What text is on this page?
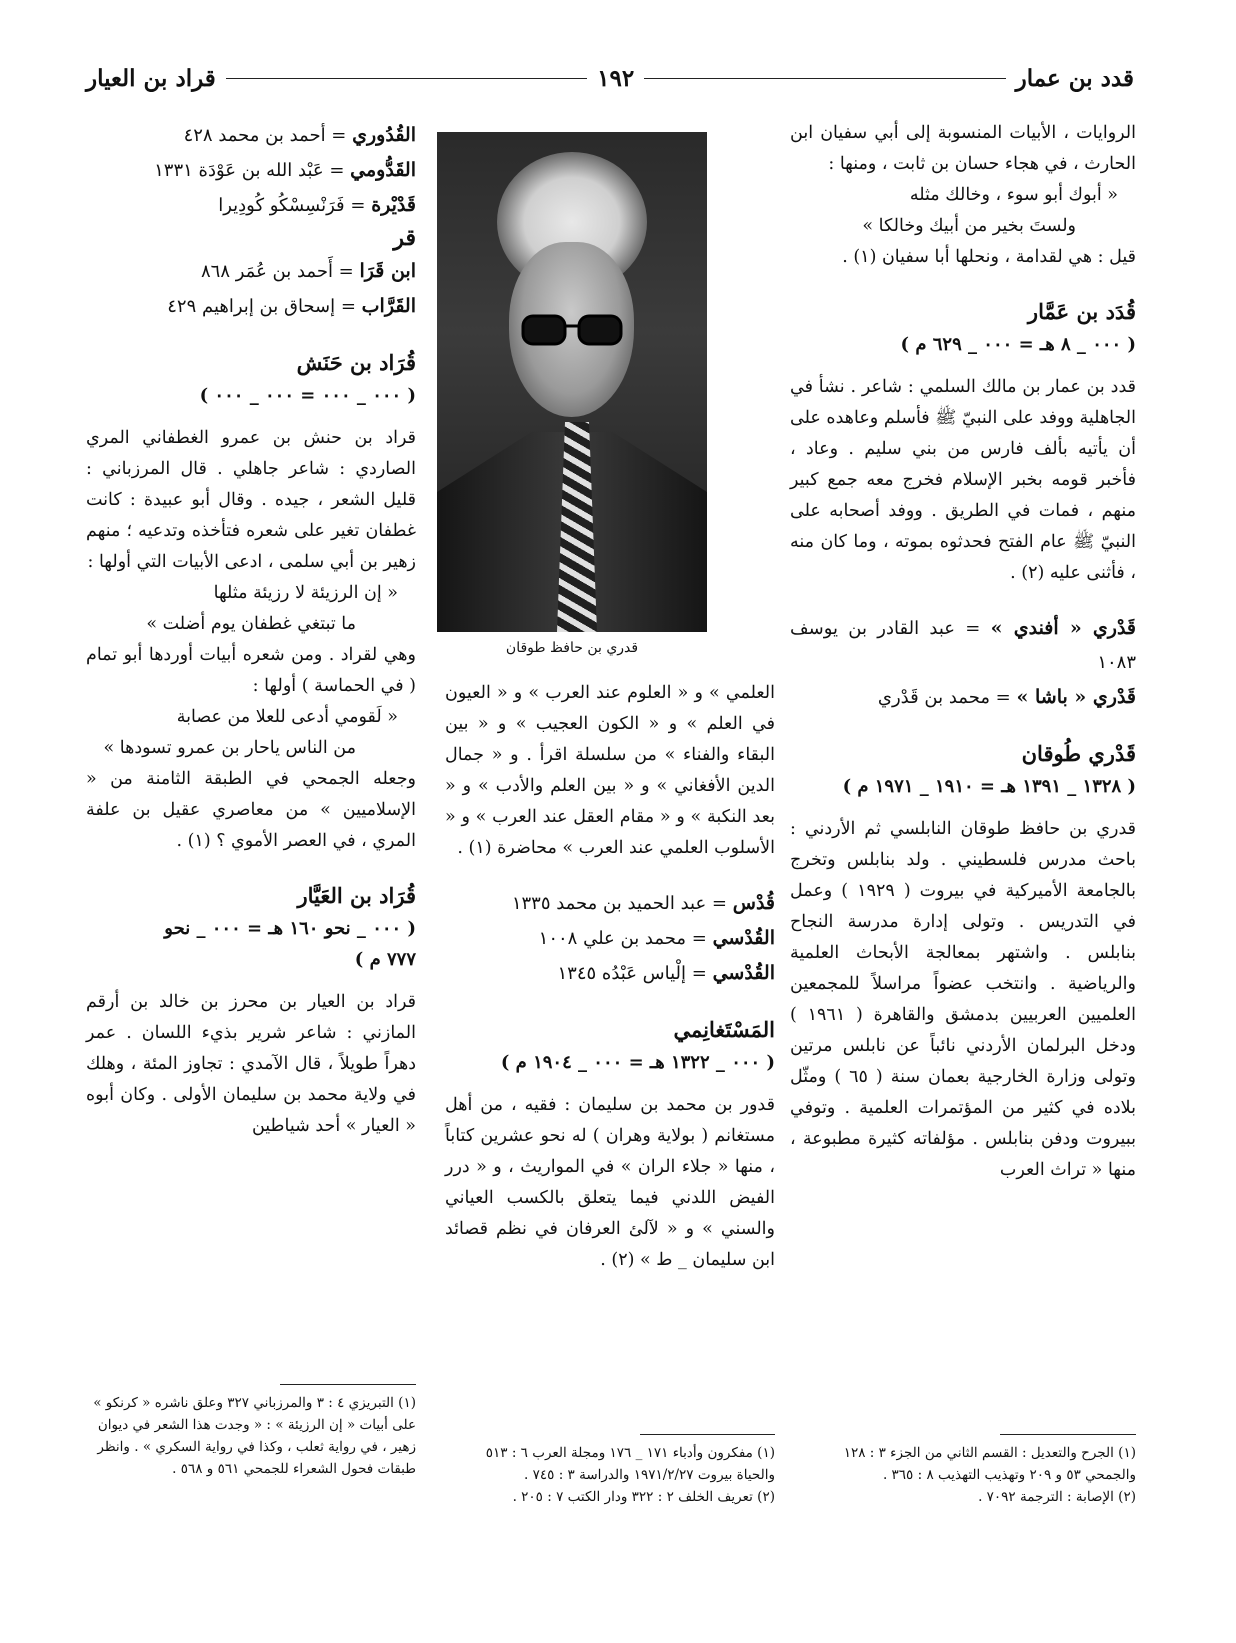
قدد بن عمار
١٩٢
قراد بن العيار

الروايات ، الأبيات المنسوبة إلى أبي سفيان ابن الحارث ، في هجاء حسان بن ثابت ، ومنها :

« أبوك أبو سوء ، وخالك مثله

ولستَ بخير من أبيك وخالكا »

قيل : هي لقدامة ، ونحلها أبا سفيان (١) .

قُدَد بن عَمَّار

( ٠٠٠ _ ٨ هـ = ٠٠٠ _ ٦٢٩ م )

قدد بن عمار بن مالك السلمي : شاعر . نشأ في الجاهلية ووفد على النبيّ ﷺ فأسلم وعاهده على أن يأتيه بألف فارس من بني سليم . وعاد ، فأخبر قومه بخبر الإسلام فخرج معه جمع كبير منهم ، فمات في الطريق . ووفد أصحابه على النبيّ ﷺ عام الفتح فحدثوه بموته ، وما كان منه ، فأثنى عليه (٢) .

قَدْري « أفندي » = عبد القادر بن يوسف ١٠٨٣

قَدْري « باشا » = محمد بن قَدْري

قَدْري طُوقان

( ١٣٢٨ _ ١٣٩١ هـ = ١٩١٠ _ ١٩٧١ م )

قدري بن حافظ طوقان النابلسي ثم الأردني : باحث مدرس فلسطيني . ولد بنابلس وتخرج بالجامعة الأميركية في بيروت ( ١٩٢٩ ) وعمل في التدريس . وتولى إدارة مدرسة النجاح بنابلس . واشتهر بمعالجة الأبحاث العلمية والرياضية . وانتخب عضواً مراسلاً للمجمعين العلميين العربيين بدمشق والقاهرة ( ١٩٦١ ) ودخل البرلمان الأردني نائباً عن نابلس مرتين وتولى وزارة الخارجية بعمان سنة ( ٦٥ ) ومثّل بلاده في كثير من المؤتمرات العلمية . وتوفي ببيروت ودفن بنابلس . مؤلفاته كثيرة مطبوعة ، منها « تراث العرب

قدري بن حافظ طوقان

العلمي » و « العلوم عند العرب » و « العيون في العلم » و « الكون العجيب » و « بين البقاء والفناء » من سلسلة اقرأ . و « جمال الدين الأفغاني » و « بين العلم والأدب » و « بعد النكبة » و « مقام العقل عند العرب » و « الأسلوب العلمي عند العرب » محاضرة (١) .

قُدْس = عبد الحميد بن محمد ١٣٣٥

القُدْسي = محمد بن علي ١٠٠٨

القُدْسي = إلْياس عَبْدُه ١٣٤٥

المَسْتَغانِمي

( ٠٠٠ _ ١٣٢٢ هـ = ٠٠٠ _ ١٩٠٤ م )

قدور بن محمد بن سليمان : فقيه ، من أهل مستغانم ( بولاية وهران ) له نحو عشرين كتاباً ، منها « جلاء الران » في المواريث ، و « درر الفيض اللدني فيما يتعلق بالكسب العياني والسني » و « لآلئ العرفان في نظم قصائد ابن سليمان _ ط » (٢) .

القُدُوري = أحمد بن محمد ٤٢٨

القَدُّومي = عَبْد الله بن عَوْدَة ١٣٣١

قَدْيْرة = فَرَنْسِسْكُو كُودِيرا

قر

ابن قَرَا = أَحمد بن عُمَر ٨٦٨

القَرَّاب = إسحاق بن إبراهيم ٤٢٩

قُرَاد بن حَنَش

( ٠٠٠ _ ٠٠٠ = ٠٠٠ _ ٠٠٠ )

قراد بن حنش بن عمرو الغطفاني المري الصاردي : شاعر جاهلي . قال المرزباني : قليل الشعر ، جيده . وقال أبو عبيدة : كانت غطفان تغير على شعره فتأخذه وتدعيه ؛ منهم زهير بن أبي سلمى ، ادعى الأبيات التي أولها :

« إن الرزيئة لا رزيئة مثلها

ما تبتغي غطفان يوم أضلت »

وهي لقراد . ومن شعره أبيات أوردها أبو تمام ( في الحماسة ) أولها :

« لَقومي أدعى للعلا من عصابة

من الناس ياحار بن عمرو تسودها »

وجعله الجمحي في الطبقة الثامنة من « الإسلاميين » من معاصري عقيل بن علفة المري ، في العصر الأموي ؟ (١) .

قُرَاد بن العَيَّار

( ٠٠٠ _ نحو ١٦٠ هـ = ٠٠٠ _ نحو

٧٧٧ م )

قراد بن العيار بن محرز بن خالد بن أرقم المازني : شاعر شرير بذيء اللسان . عمر دهراً طويلاً ، قال الآمدي : تجاوز المئة ، وهلك في ولاية محمد بن سليمان الأولى . وكان أبوه « العيار » أحد شياطين

(١) الجرح والتعديل : القسم الثاني من الجزء ٣ : ١٢٨ والجمحي ٥٣ و ٢٠٩ وتهذيب التهذيب ٨ : ٣٦٥ .

(٢) الإصابة : الترجمة ٧٠٩٢ .

(١) مفكرون وأدباء ١٧١ _ ١٧٦ ومجلة العرب ٦ : ٥١٣ والحياة بيروت ١٩٧١/٢/٢٧ والدراسة ٣ : ٧٤٥ .

(٢) تعريف الخلف ٢ : ٣٢٢ ودار الكتب ٧ : ٢٠٥ .

(١) التبريزي ٤ : ٣ والمرزباني ٣٢٧ وعلق ناشره « كرنكو » على أبيات « إن الرزيئة » : « وجدت هذا الشعر في ديوان زهير ، في رواية ثعلب ، وكذا في رواية السكري » . وانظر طبقات فحول الشعراء للجمحي ٥٦١ و ٥٦٨ .
